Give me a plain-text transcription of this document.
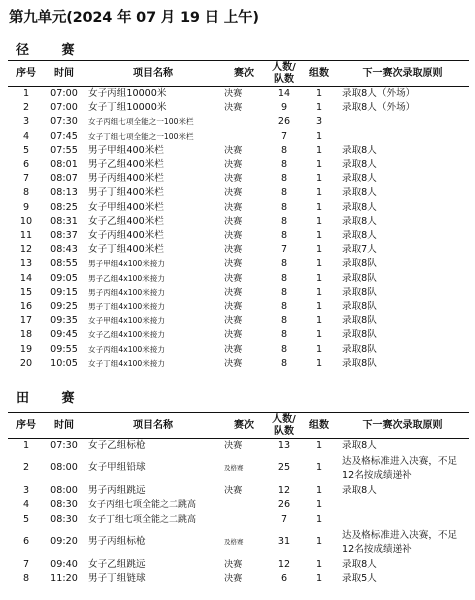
第九单元(2024 年 07 月 19 日 上午)
径 赛
序号	时间	项目名称	赛次	人数/队数	组数	下一赛次录取原则
1	07:00	女子丙组10000米	决赛	14	1	录取8人（外场）
2	07:00	女子丁组10000米	决赛	9	1	录取8人（外场）
3	07:30	女子丙组七项全能之一100米栏		26	3	
4	07:45	女子丁组七项全能之一100米栏		7	1	
5	07:55	男子甲组400米栏	决赛	8	1	录取8人
6	08:01	男子乙组400米栏	决赛	8	1	录取8人
7	08:07	男子丙组400米栏	决赛	8	1	录取8人
8	08:13	男子丁组400米栏	决赛	8	1	录取8人
9	08:25	女子甲组400米栏	决赛	8	1	录取8人
10	08:31	女子乙组400米栏	决赛	8	1	录取8人
11	08:37	女子丙组400米栏	决赛	8	1	录取8人
12	08:43	女子丁组400米栏	决赛	7	1	录取7人
13	08:55	男子甲组4x100米接力	决赛	8	1	录取8队
14	09:05	男子乙组4x100米接力	决赛	8	1	录取8队
15	09:15	男子丙组4x100米接力	决赛	8	1	录取8队
16	09:25	男子丁组4x100米接力	决赛	8	1	录取8队
17	09:35	女子甲组4x100米接力	决赛	8	1	录取8队
18	09:45	女子乙组4x100米接力	决赛	8	1	录取8队
19	09:55	女子丙组4x100米接力	决赛	8	1	录取8队
20	10:05	女子丁组4x100米接力	决赛	8	1	录取8队
田 赛
序号	时间	项目名称	赛次	人数/队数	组数	下一赛次录取原则
1	07:30	女子乙组标枪	决赛	13	1	录取8人
2	08:00	女子甲组铅球	及格赛	25	1	达及格标准进入决赛，不足12名按成绩递补
3	08:00	男子丙组跳远	决赛	12	1	录取8人
4	08:30	女子丙组七项全能之二跳高		26	1	
5	08:30	女子丁组七项全能之二跳高		7	1	
6	09:20	男子丙组标枪	及格赛	31	1	达及格标准进入决赛，不足12名按成绩递补
7	09:40	女子乙组跳远	决赛	12	1	录取8人
8	11:20	男子丁组链球	决赛	6	1	录取5人
